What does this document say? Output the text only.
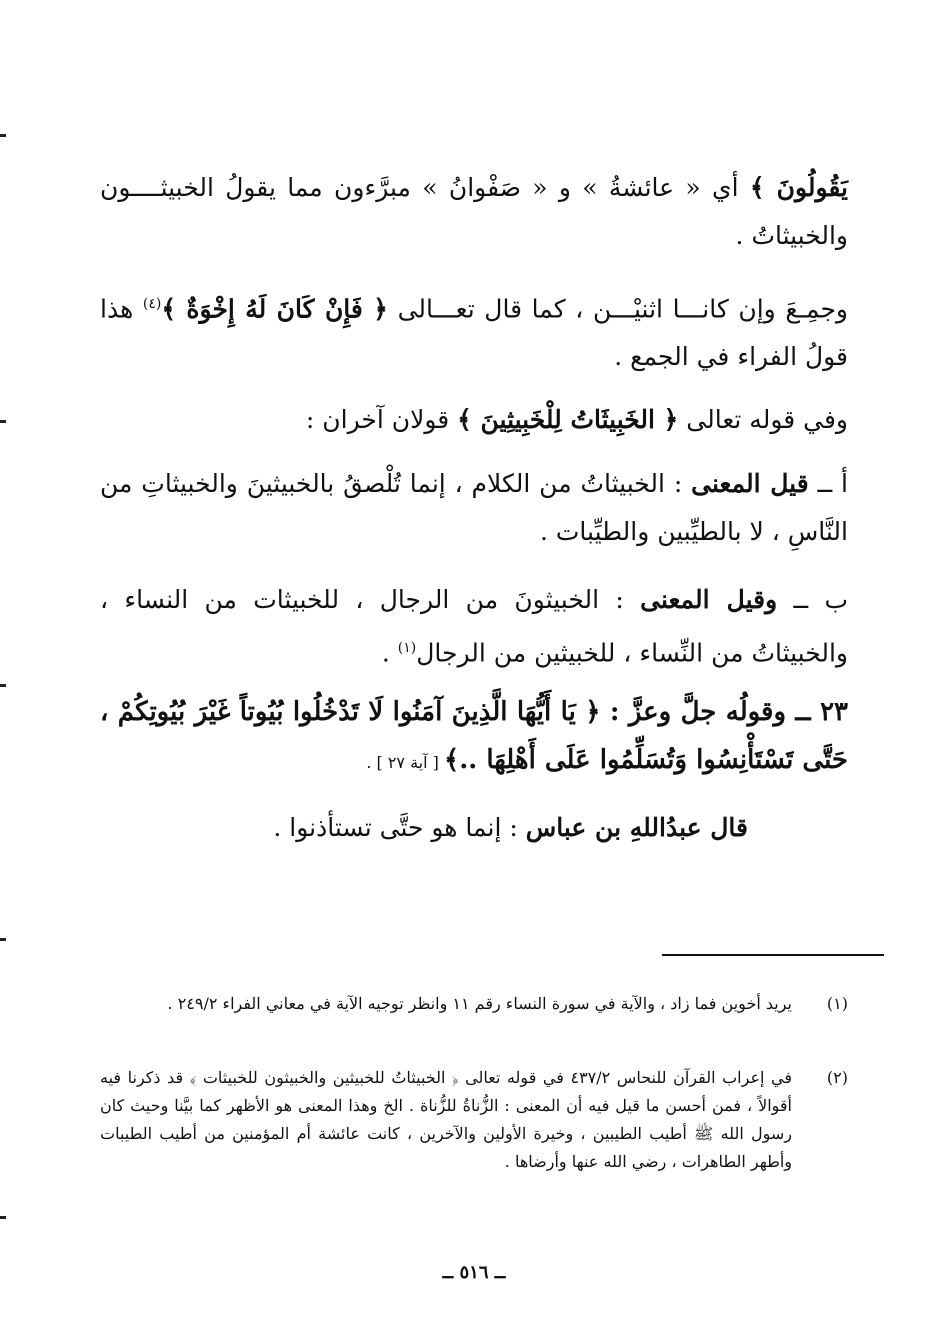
يَقُولُونَ ﴾ أي « عائشةُ » و « صَفْوانُ » مبرَّءون مما يقولُ الخبيثــــون والخبيثاتُ .
وجمِـعَ وإن كانـــا اثنيْـــن ، كما قال تعـــالى ﴿ فَإِنْ كَانَ لَهُ إِخْوَةٌ ﴾$^{(٤)}$ هذا قولُ الفراء في الجمع .
وفي قوله تعالى ﴿ الخَبِيثَاتُ لِلْخَبِيثِينَ ﴾ قولان آخران :
أ ــ قيل المعنى : الخبيثاتُ من الكلام ، إنما تُلْصقُ بالخبيثينَ والخبيثاتِ من النَّاسِ ، لا بالطيِّبين والطيِّبات .
ب ــ وقيل المعنى : الخبيثونَ من الرجال ، للخبيثات من النساء ، والخبيثاتُ من النِّساء ، للخبيثين من الرجال$^{(١)}$ .
٢٣ ــ وقولُه جلَّ وعزَّ : ﴿ يَا أَيُّهَا الَّذِينَ آمَنُوا لَا تَدْخُلُوا بُيُوتاً غَيْرَ بُيُوتِكُمْ ، حَتَّى تَسْتَأْنِسُوا وَتُسَلِّمُوا عَلَى أَهْلِهَا ..﴾ [ آية ٢٧ ] .
قال عبدُاللهِ بن عباس : إنما هو حتَّى تستأذنوا .
(١)
يريد أخوين فما زاد ، والآية في سورة النساء رقم ١١ وانظر توجيه الآية في معاني الفراء ٢٤٩/٢ .
(٢)
في إعراب القرآن للنحاس ٤٣٧/٢ في قوله تعالى ﴿ الخبيثاتُ للخبيثين والخبيثون للخبيثات ﴾ قد ذكرنا فيه أقوالاً ، فمن أحسن ما قيل فيه أن المعنى : الزُّناةُ للزُّناة . الخ وهذا المعنى هو الأظهر كما بيَّنا وحيث كان رسول الله ﷺ أطيب الطيبين ، وخيرة الأولين والآخرين ، كانت عائشة أم المؤمنين من أطيب الطيبات وأطهر الطاهرات ، رضي الله عنها وأرضاها .
ــ ٥١٦ ــ
